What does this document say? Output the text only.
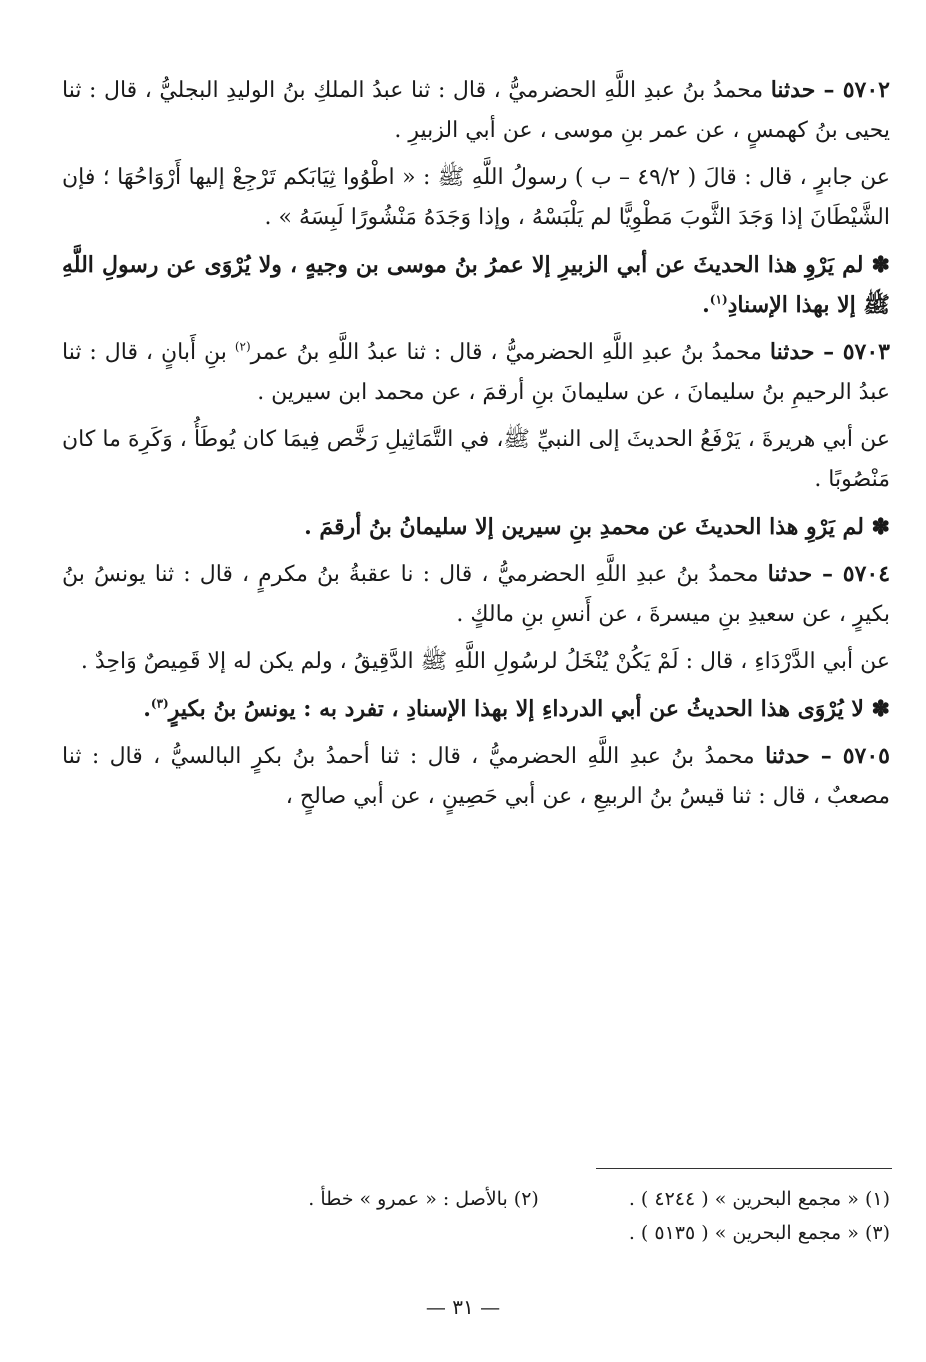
٥٧٠٢ – حدثنا محمدُ بنُ عبدِ اللَّهِ الحضرميُّ ، قال : ثنا عبدُ الملكِ بنُ الوليدِ البجليُّ ، قال : ثنا يحيى بنُ كهمسٍ ، عن عمر بنِ موسى ، عن أبي الزبيرِ .

عن جابرٍ ، قال : قالَ ( ٤٩/٢ – ب ) رسولُ اللَّهِ ﷺ : « اطْوُوا ثِيَابَكم تَرْجِعْ إليها أَرْوَاحُهَا ؛ فإن الشَّيْطَانَ إذا وَجَدَ الثَّوبَ مَطْوِيًّا لم يَلْبَسْهُ ، وإذا وَجَدَهُ مَنْشُورًا لَبِسَهُ » .

✽ لم يَرْوِ هذا الحديثَ عن أبي الزبيرِ إلا عمرُ بنُ موسى بن وجيهٍ ، ولا يُرْوَى عن رسولِ اللَّهِ ﷺ إلا بهذا الإسنادِ$^{(١)}$.

٥٧٠٣ – حدثنا محمدُ بنُ عبدِ اللَّهِ الحضرميُّ ، قال : ثنا عبدُ اللَّهِ بنُ عمر$^{(٢)}$ بنِ أَبانٍ ، قال : ثنا عبدُ الرحيمِ بنُ سليمانَ ، عن سليمانَ بنِ أرقمَ ، عن محمد ابن سيرين .

عن أبي هريرةَ ، يَرْفَعُ الحديثَ إلى النبيِّ ﷺ، في التَّمَاثِيلِ رَخَّص فِيمَا كان يُوطَأُ ، وَكَرِهَ ما كان مَنْصُوبًا .

✽ لم يَرْوِ هذا الحديثَ عن محمدِ بنِ سيرين إلا سليمانُ بنُ أرقمَ .

٥٧٠٤ – حدثنا محمدُ بنُ عبدِ اللَّهِ الحضرميُّ ، قال : نا عقبةُ بنُ مكرمٍ ، قال : ثنا يونسُ بنُ بكيرٍ ، عن سعيدِ بنِ ميسرةَ ، عن أَنسِ بنِ مالكٍ .

عن أبي الدَّرْدَاءِ ، قال : لَمْ يَكُنْ يُنْخَلُ لرسُولِ اللَّهِ ﷺ الدَّقِيقُ ، ولم يكن له إلا قَمِيصٌ وَاحِدٌ .

✽ لا يُرْوَى هذا الحديثُ عن أبي الدرداءِ إلا بهذا الإسنادِ ، تفرد به : يونسُ بنُ بكيرٍ$^{(٣)}$.

٥٧٠٥ – حدثنا محمدُ بنُ عبدِ اللَّهِ الحضرميُّ ، قال : ثنا أحمدُ بنُ بكرٍ البالسيُّ ، قال : ثنا مصعبٌ ، قال : ثنا قيسُ بنُ الربيعِ ، عن أبي حَصِينٍ ، عن أبي صالحٍ ،

(١) « مجمع البحرين » ( ٤٢٤٤ ) .
(٢) بالأصل : « عمرو » خطأ .
(٣) « مجمع البحرين » ( ٥١٣٥ ) .
— ٣١ —
